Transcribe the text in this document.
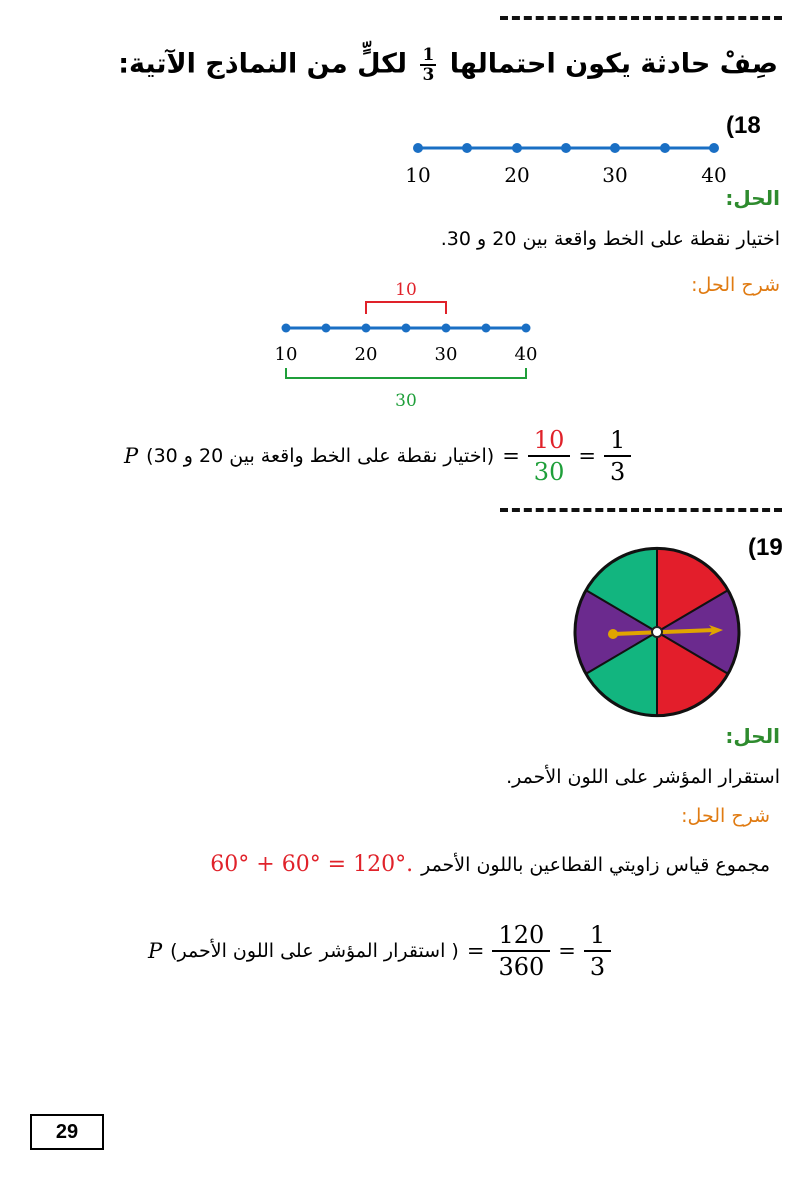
صِفْ حادثة يكون احتمالها
$\frac{1}{3}$
لكلٍّ من النماذج الآتية:
(18
10	20	30	40
الحل:
اختيار نقطة على الخط واقعة بين 20 و 30.
شرح الحل:
10
10	20	30	40
30
P (اختيار نقطة على الخط واقعة بين 20 و $30) = \frac{10}{30} = \frac{1}{3}$
(19
الحل:
استقرار المؤشر على اللون الأحمر.
شرح الحل:
60° + 60° = 120°. مجموع قياس زاويتي القطاعين باللون الأحمر
P ( استقرار المؤشر على اللون الأحمر) = $\frac{120}{360} = \frac{1}{3}$
29
